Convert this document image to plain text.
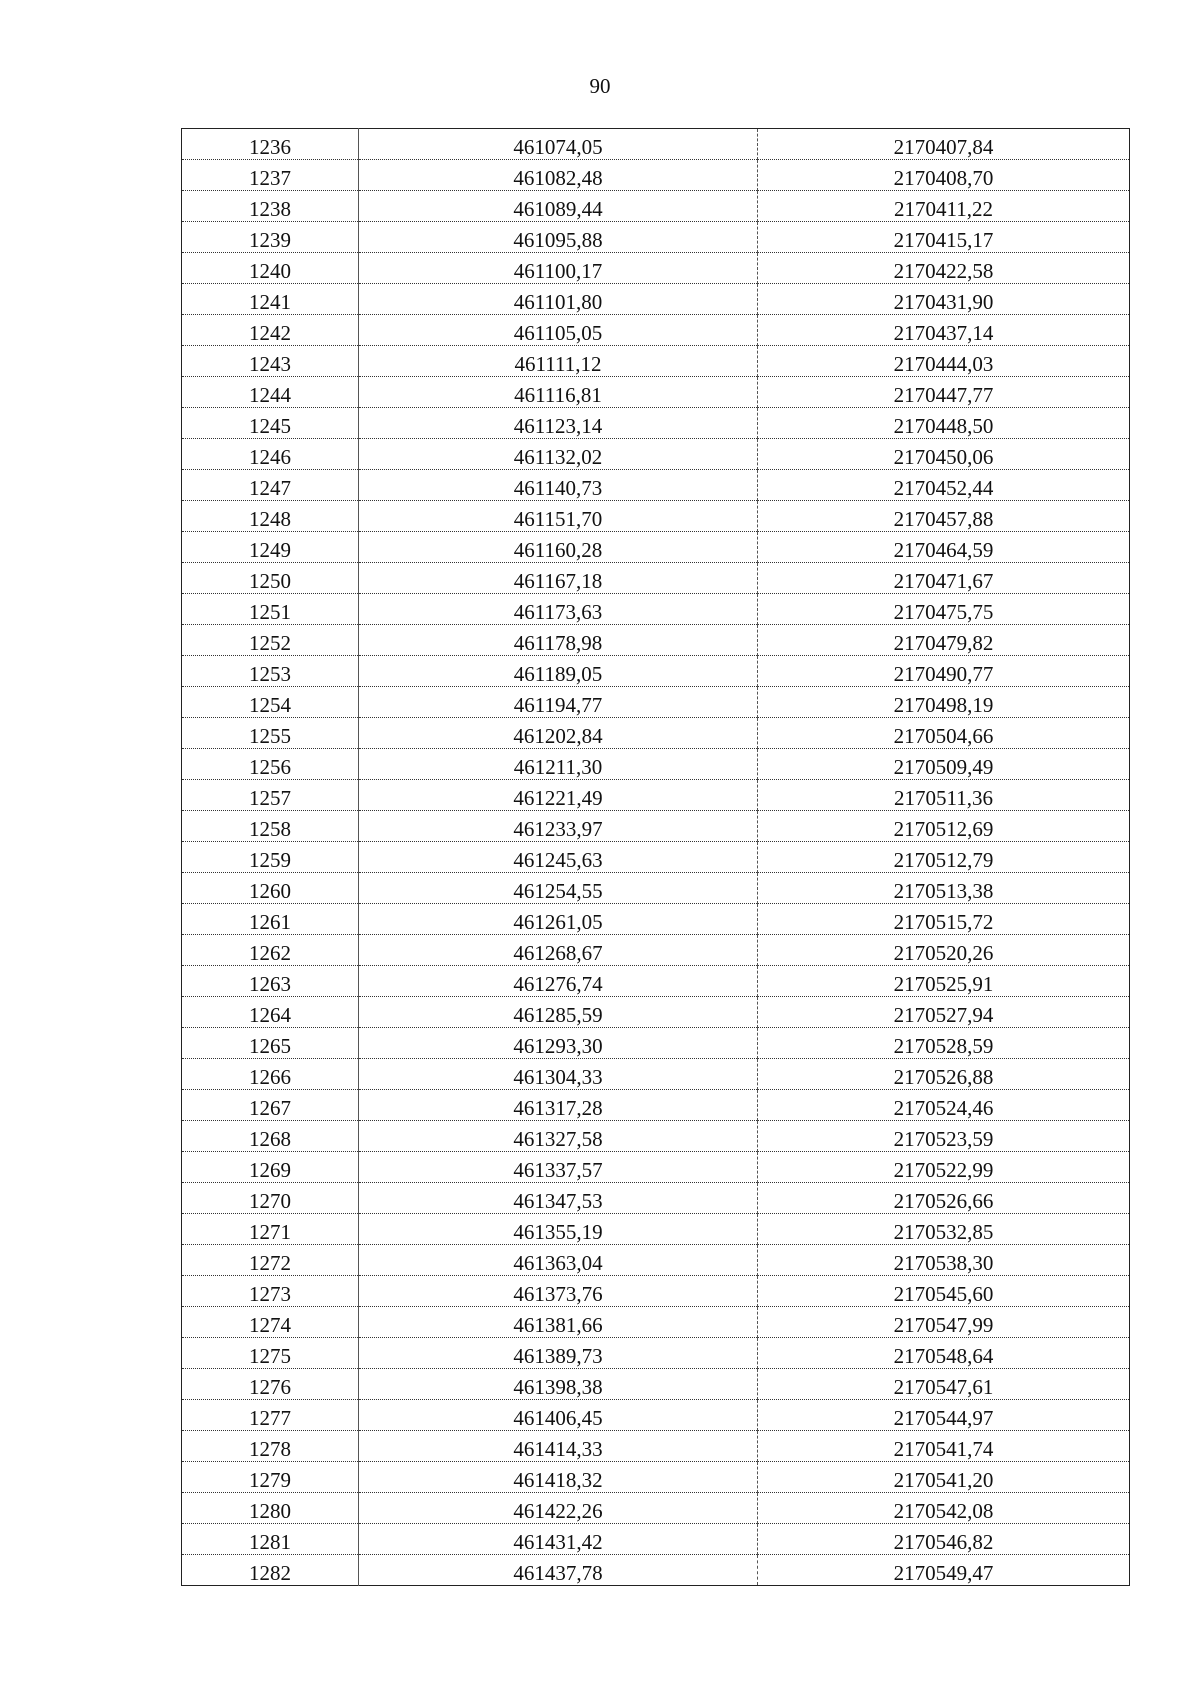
90
1236	461074,05	2170407,84
1237	461082,48	2170408,70
1238	461089,44	2170411,22
1239	461095,88	2170415,17
1240	461100,17	2170422,58
1241	461101,80	2170431,90
1242	461105,05	2170437,14
1243	461111,12	2170444,03
1244	461116,81	2170447,77
1245	461123,14	2170448,50
1246	461132,02	2170450,06
1247	461140,73	2170452,44
1248	461151,70	2170457,88
1249	461160,28	2170464,59
1250	461167,18	2170471,67
1251	461173,63	2170475,75
1252	461178,98	2170479,82
1253	461189,05	2170490,77
1254	461194,77	2170498,19
1255	461202,84	2170504,66
1256	461211,30	2170509,49
1257	461221,49	2170511,36
1258	461233,97	2170512,69
1259	461245,63	2170512,79
1260	461254,55	2170513,38
1261	461261,05	2170515,72
1262	461268,67	2170520,26
1263	461276,74	2170525,91
1264	461285,59	2170527,94
1265	461293,30	2170528,59
1266	461304,33	2170526,88
1267	461317,28	2170524,46
1268	461327,58	2170523,59
1269	461337,57	2170522,99
1270	461347,53	2170526,66
1271	461355,19	2170532,85
1272	461363,04	2170538,30
1273	461373,76	2170545,60
1274	461381,66	2170547,99
1275	461389,73	2170548,64
1276	461398,38	2170547,61
1277	461406,45	2170544,97
1278	461414,33	2170541,74
1279	461418,32	2170541,20
1280	461422,26	2170542,08
1281	461431,42	2170546,82
1282	461437,78	2170549,47
